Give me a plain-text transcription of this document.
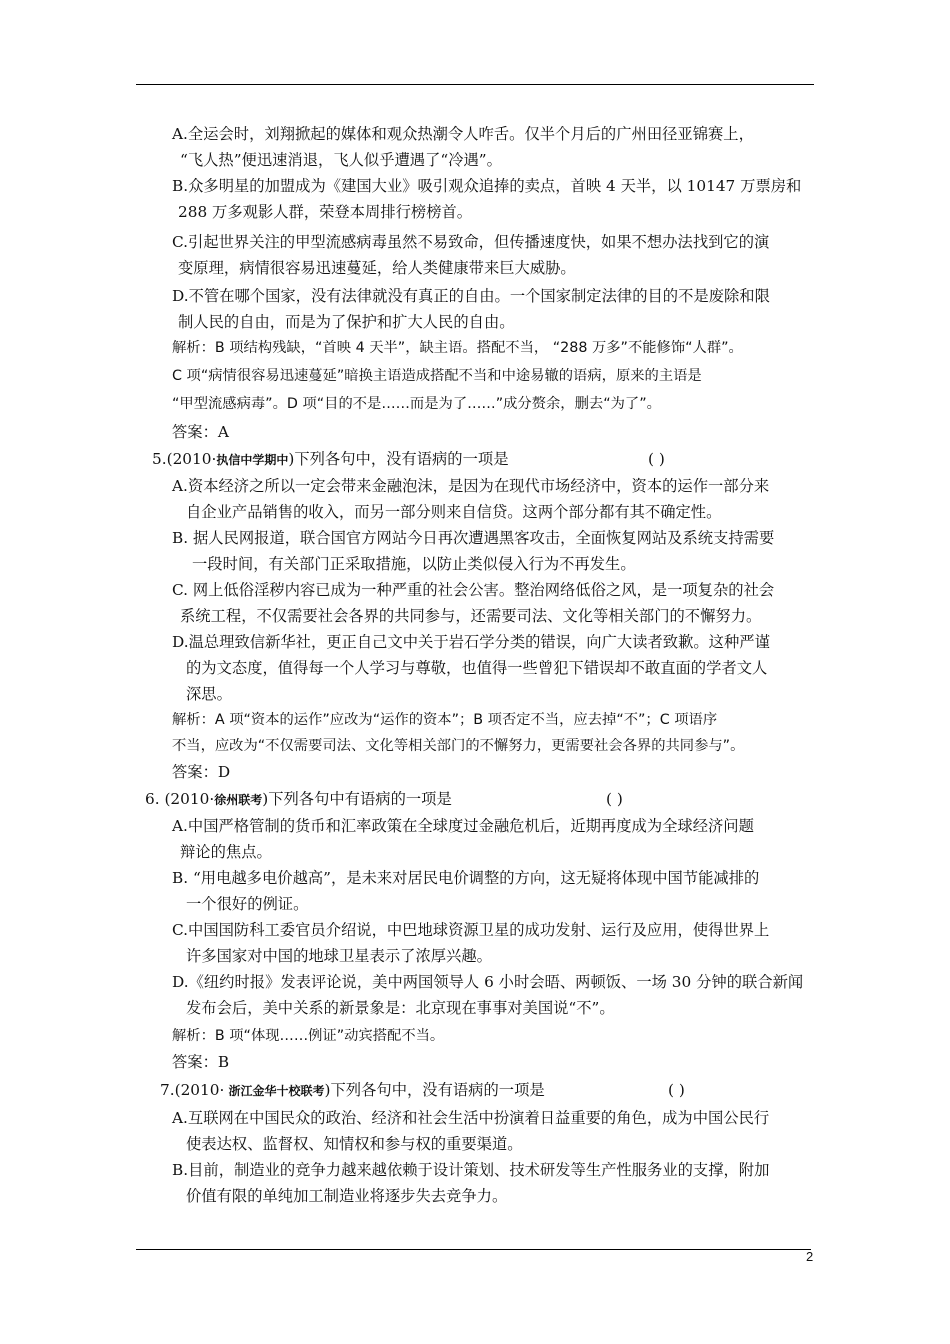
A.全运会时，刘翔掀起的媒体和观众热潮令人咋舌。仅半个月后的广州田径亚锦赛上，
“飞人热”便迅速消退，飞人似乎遭遇了“冷遇”。
B.众多明星的加盟成为《建国大业》吸引观众追捧的卖点，首映 4 天半，以 10147 万票房和
288 万多观影人群，荣登本周排行榜榜首。
C.引起世界关注的甲型流感病毒虽然不易致命，但传播速度快，如果不想办法找到它的演
变原理，病情很容易迅速蔓延，给人类健康带来巨大威胁。
D.不管在哪个国家，没有法律就没有真正的自由。一个国家制定法律的目的不是废除和限
制人民的自由，而是为了保护和扩大人民的自由。
解析：B 项结构残缺，“首映 4 天半”，缺主语。搭配不当， “288 万多”不能修饰“人群”。
C 项“病情很容易迅速蔓延”暗换主语造成搭配不当和中途易辙的语病，原来的主语是
“甲型流感病毒”。D 项“目的不是……而是为了……”成分赘余，删去“为了”。
答案：A
5.(2010·执信中学期中)下列各句中，没有语病的一项是	( )
A.资本经济之所以一定会带来金融泡沫，是因为在现代市场经济中，资本的运作一部分来
自企业产品销售的收入，而另一部分则来自信贷。这两个部分都有其不确定性。
B. 据人民网报道，联合国官方网站今日再次遭遇黑客攻击，全面恢复网站及系统支持需要
一段时间，有关部门正采取措施，以防止类似侵入行为不再发生。
C. 网上低俗淫秽内容已成为一种严重的社会公害。整治网络低俗之风，是一项复杂的社会
系统工程，不仅需要社会各界的共同参与，还需要司法、文化等相关部门的不懈努力。
D.温总理致信新华社，更正自己文中关于岩石学分类的错误，向广大读者致歉。这种严谨
的为文态度，值得每一个人学习与尊敬，也值得一些曾犯下错误却不敢直面的学者文人
深思。
解析：A 项“资本的运作”应改为“运作的资本”；B 项否定不当，应去掉“不”；C 项语序
不当，应改为“不仅需要司法、文化等相关部门的不懈努力，更需要社会各界的共同参与”。
答案：D
6. (2010·徐州联考)下列各句中有语病的一项是	( )
A.中国严格管制的货币和汇率政策在全球度过金融危机后，近期再度成为全球经济问题
辩论的焦点。
B. “用电越多电价越高”，是未来对居民电价调整的方向，这无疑将体现中国节能减排的
一个很好的例证。
C.中国国防科工委官员介绍说，中巴地球资源卫星的成功发射、运行及应用，使得世界上
许多国家对中国的地球卫星表示了浓厚兴趣。
D.《纽约时报》发表评论说，美中两国领导人 6 小时会晤、两顿饭、一场 30 分钟的联合新闻
发布会后，美中关系的新景象是：北京现在事事对美国说“不”。
解析：B 项“体现……例证”动宾搭配不当。
答案：B
7.(2010· 浙江金华十校联考)下列各句中，没有语病的一项是	( )
A.互联网在中国民众的政治、经济和社会生活中扮演着日益重要的角色，成为中国公民行
使表达权、监督权、知情权和参与权的重要渠道。
B.目前，制造业的竞争力越来越依赖于设计策划、技术研发等生产性服务业的支撑，附加
价值有限的单纯加工制造业将逐步失去竞争力。
2
